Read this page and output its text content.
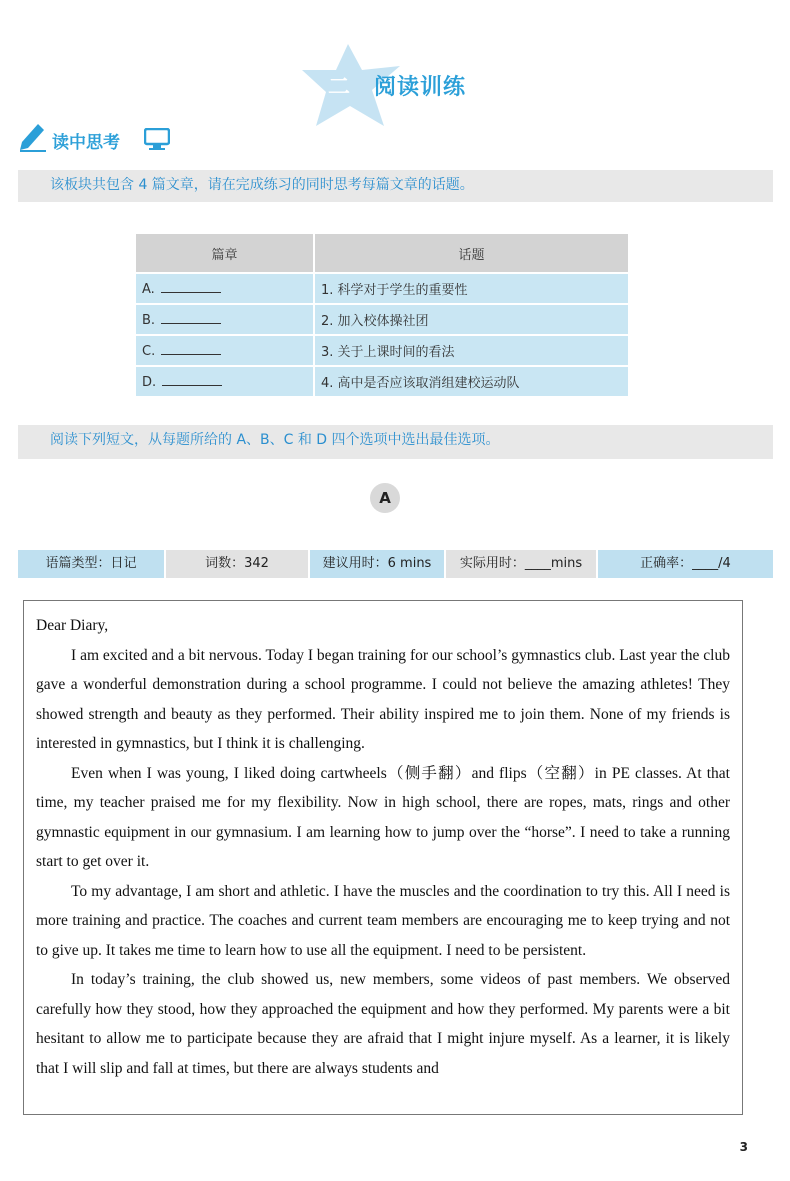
二 阅读训练
读中思考
该板块共包含 4 篇文章，请在完成练习的同时思考每篇文章的话题。
篇章	话题
A.	1. 科学对于学生的重要性
B.	2. 加入校体操社团
C.	3. 关于上课时间的看法
D.	4. 高中是否应该取消组建校运动队
阅读下列短文，从每题所给的 A、B、C 和 D 四个选项中选出最佳选项。
A
语篇类型：日记	词数：342	建议用时：6 mins	实际用时：____mins	正确率：____/4

Dear Diary,

I am excited and a bit nervous. Today I began training for our school’s gymnastics club. Last year the club gave a wonderful demonstration during a school programme. I could not believe the amazing athletes! They showed strength and beauty as they performed. Their ability inspired me to join them. None of my friends is interested in gymnastics, but I think it is challenging.

Even when I was young, I liked doing cartwheels（侧手翻）and flips（空翻）in PE classes. At that time, my teacher praised me for my flexibility. Now in high school, there are ropes, mats, rings and other gymnastic equipment in our gymnasium. I am learning how to jump over the “horse”. I need to take a running start to get over it.

To my advantage, I am short and athletic. I have the muscles and the coordination to try this. All I need is more training and practice. The coaches and current team members are encouraging me to keep trying and not to give up. It takes me time to learn how to use all the equipment. I need to be persistent.

In today’s training, the club showed us, new members, some videos of past members. We observed carefully how they stood, how they approached the equipment and how they performed. My parents were a bit hesitant to allow me to participate because they are afraid that I might injure myself. As a learner, it is likely that I will slip and fall at times, but there are always students and

3
